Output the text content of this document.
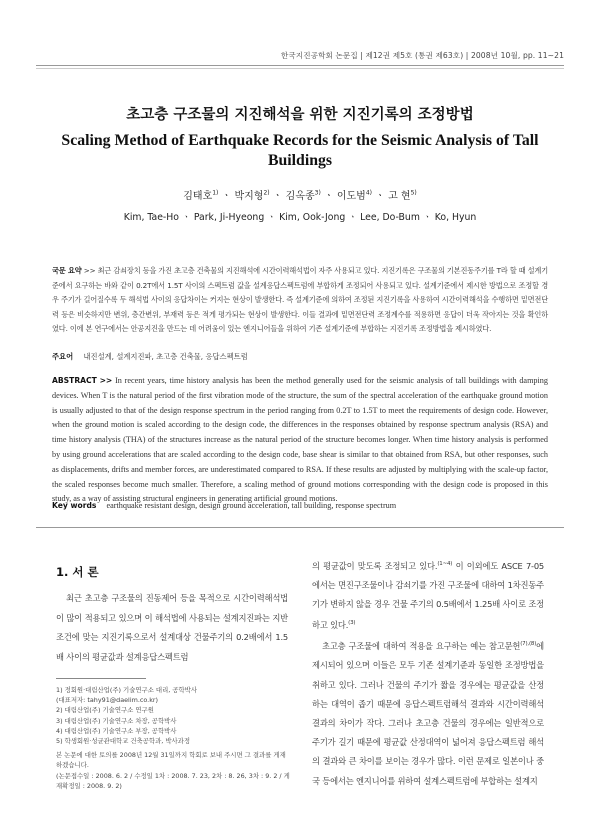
한국지진공학회 논문집 | 제12권 제5호 (통권 제63호) | 2008년 10월, pp. 11~21
초고층 구조물의 지진해석을 위한 지진기록의 조정방법
Scaling Method of Earthquake Records for the Seismic Analysis of Tall Buildings
김태호$^{1)}$ ㆍ 박지형$^{2)}$ ㆍ 김옥종$^{3)}$ ㆍ 이도범$^{4)}$ ㆍ 고 현$^{5)}$
Kim, Tae-Ho ㆍ Park, Ji-Hyeong ㆍ Kim, Ook-Jong ㆍ Lee, Do-Bum ㆍ Ko, Hyun
국문 요약 >> 최근 감쇠장치 등을 가진 초고층 건축물의 지진해석에 시간이력해석법이 자주 사용되고 있다. 지진기록은 구조물의 기본진동주기를 T라 할 때 설계기준에서 요구하는 바와 같이 0.2T에서 1.5T 사이의 스펙트럼 값을 설계응답스펙트럼에 부합하게 조정되어 사용되고 있다. 설계기준에서 제시한 방법으로 조정할 경우 주기가 길어질수록 두 해석법 사이의 응답차이는 커지는 현상이 발생한다. 즉 설계기준에 의하여 조정된 지진기록을 사용하여 시간이력해석을 수행하면 밑면전단력 등은 비슷하지만 변위, 층간변위, 부재력 등은 적게 평가되는 현상이 발생한다. 이들 결과에 밑면전단력 조정계수를 적용하면 응답이 더욱 작아지는 것을 확인하였다. 이에 본 연구에서는 안공지진을 만드는 데 어려움이 있는 엔지니어들을 위하여 기존 설계기준에 부합하는 지진기록 조정방법을 제시하였다.
주요어 내진설계, 설계지진파, 초고층 건축물, 응답스펙트럼
ABSTRACT >> In recent years, time history analysis has been the method generally used for the seismic analysis of tall buildings with damping devices. When T is the natural period of the first vibration mode of the structure, the sum of the spectral acceleration of the earthquake ground motion is usually adjusted to that of the design response spectrum in the period ranging from 0.2T to 1.5T to meet the requirements of design code. However, when the ground motion is scaled according to the design code, the differences in the responses obtained by response spectrum analysis (RSA) and time history analysis (THA) of the structures increase as the natural period of the structure becomes longer. When time history analysis is performed by using ground accelerations that are scaled according to the design code, base shear is similar to that obtained from RSA, but other responses, such as displacements, drifts and member forces, are underestimated compared to RSA. If these results are adjusted by multiplying with the scale-up factor, the scaled responses become much smaller. Therefore, a scaling method of ground motions corresponding with the design code is proposed in this study, as a way of assisting structural engineers in generating artificial ground motions.
Key words earthquake resistant design, design ground acceleration, tall building, response spectrum
1. 서 론
최근 초고층 구조물의 진동제어 등을 목적으로 시간이력해석법이 많이 적용되고 있으며 이 해석법에 사용되는 설계지진파는 지반조건에 맞는 지진기록으로서 설계대상 건물주기의 0.2배에서 1.5배 사이의 평균값과 설계응답스펙트럼

1) 정회원·대림산업(주) 기술연구소 대리, 공학박사

(대표저자: tahy91@daelim.co.kr)

2) 대림산업(주) 기술연구소 연구원

3) 대림산업(주) 기술연구소 차장, 공학박사

4) 대림산업(주) 기술연구소 부장, 공학박사

5) 학생회원·성균관대학교 건축공학과, 박사과정

본 논문에 대한 토의를 2008년 12월 31일까지 학회로 보내 주시면 그 결과를 게재하겠습니다.

(논문접수일 : 2008. 6. 2 / 수정일 1차 : 2008. 7. 23, 2차 : 8. 26, 3차 : 9. 2 / 게재확정일 : 2008. 9. 2)

의 평균값이 맞도록 조정되고 있다.$^{(1\sim 4)}$ 이 이외에도 ASCE 7-05에서는 면진구조물이나 감쇠기를 가진 구조물에 대하여 1차진동주기가 변하지 않을 경우 건물 주기의 0.5배에서 1.25배 사이로 조정하고 있다.$^{(3)}$

초고층 구조물에 대하여 적용을 요구하는 예는 참고문헌$^{(7),(8)}$에 제시되어 있으며 이들은 모두 기존 설계기준과 동일한 조정방법을 취하고 있다. 그러나 건물의 주기가 짧을 경우에는 평균값을 산정하는 대역이 좁기 때문에 응답스펙트럼해석 결과와 시간이력해석 결과의 차이가 작다. 그러나 초고층 건물의 경우에는 일반적으로 주기가 길기 때문에 평균값 산정대역이 넓어져 응답스펙트럼 해석의 결과와 큰 차이를 보이는 경우가 많다. 이런 문제로 일본이나 중국 등에서는 엔지니어를 위하여 설계스펙트럼에 부합하는 설계지
